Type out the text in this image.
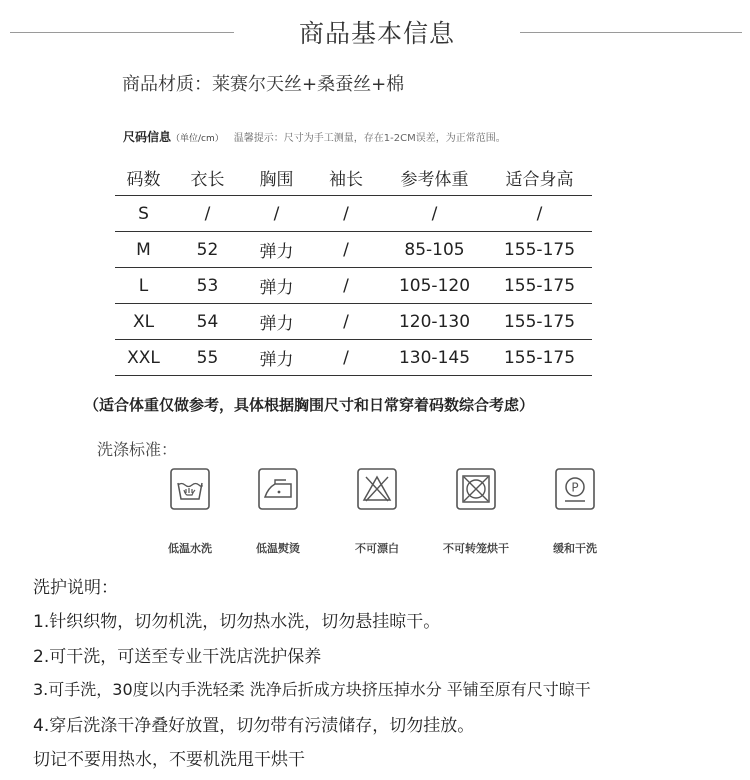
商品基本信息
商品材质：莱赛尔天丝+桑蚕丝+棉
尺码信息（单位/cm） 温馨提示：尺寸为手工测量，存在1-2CM误差，为正常范围。
码数	衣长	胸围	袖长	参考体重	适合身高
S	/	/	/	/	/
M	52	弹力	/	85-105	155-175
L	53	弹力	/	105-120	155-175
XL	54	弹力	/	120-130	155-175
XXL	55	弹力	/	130-145	155-175
（适合体重仅做参考，具体根据胸围尺寸和日常穿着码数综合考虑）
洗涤标准：
P
低温水洗	低温熨烫	不可漂白	不可转笼烘干	缓和干洗
洗护说明：
1.针织织物，切勿机洗，切勿热水洗，切勿悬挂晾干。
2.可干洗，可送至专业干洗店洗护保养
3.可手洗，30度以内手洗轻柔 洗净后折成方块挤压掉水分 平铺至原有尺寸晾干
4.穿后洗涤干净叠好放置，切勿带有污渍储存，切勿挂放。
切记不要用热水，不要机洗甩干烘干
